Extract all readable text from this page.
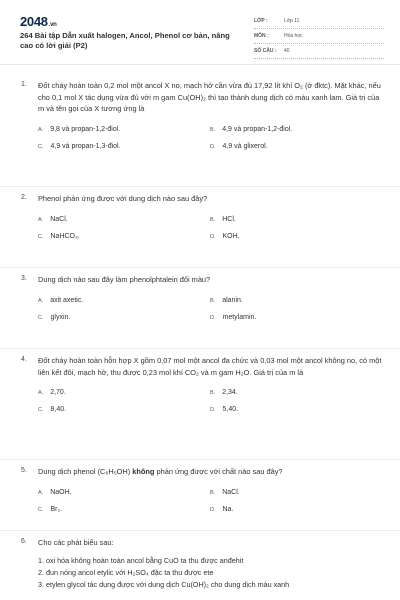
2048.vn
264 Bài tập Dẫn xuất halogen, Ancol, Phenol cơ bản, nâng cao có lời giải (P2)
LỚP :	Lớp 11
MÔN :	Hóa học
SỐ CÂU : 40
1. Đốt cháy hoàn toàn 0,2 mol một ancol X no, mạch hở cần vừa đủ 17,92 lít khí O₂ (ở đktc). Mặt khác, nếu cho 0,1 mol X tác dụng vừa đủ với m gam Cu(OH)₂ thì tạo thành dung dịch có màu xanh lam. Giá trị của m và tên gọi của X tương ứng là
A. 9,8 và propan-1,2-điol.	B. 4,9 và propan-1,2-điol.
C. 4,9 và propan-1,3-điol.	D. 4,9 và glixerol.
2. Phenol phản ứng được với dung dịch nào sau đây?
A. NaCl.	B. HCl.
C. NaHCO₃.	D. KOH.
3. Dung dịch nào sau đây làm phenolphtalein đổi màu?
A. axit axetic.	B. alanin.
C. glyxin.	D. metylamin.
4. Đốt cháy hoàn toàn hỗn hợp X gồm 0,07 mol một ancol đa chức và 0,03 mol một ancol không no, có một liên kết đôi, mạch hở, thu được 0,23 mol khí CO₂ và m gam H₂O. Giá trị của m là
A. 2,70.	B. 2,34.
C. 8,40.	D. 5,40.
5. Dung dịch phenol (C₆H₅OH) không phản ứng được với chất nào sau đây?
A. NaOH.	B. NaCl.
C. Br₂.	D. Na.
6. Cho các phát biểu sau:
1. oxi hóa không hoàn toàn ancol bằng CuO ta thu được anđehit
2. đun nóng ancol etylic với H₂SO₄ đặc ta thu được ete
3. etylen glycol tác dụng được với dung dịch Cu(OH)₂ cho dung dịch màu xanh
